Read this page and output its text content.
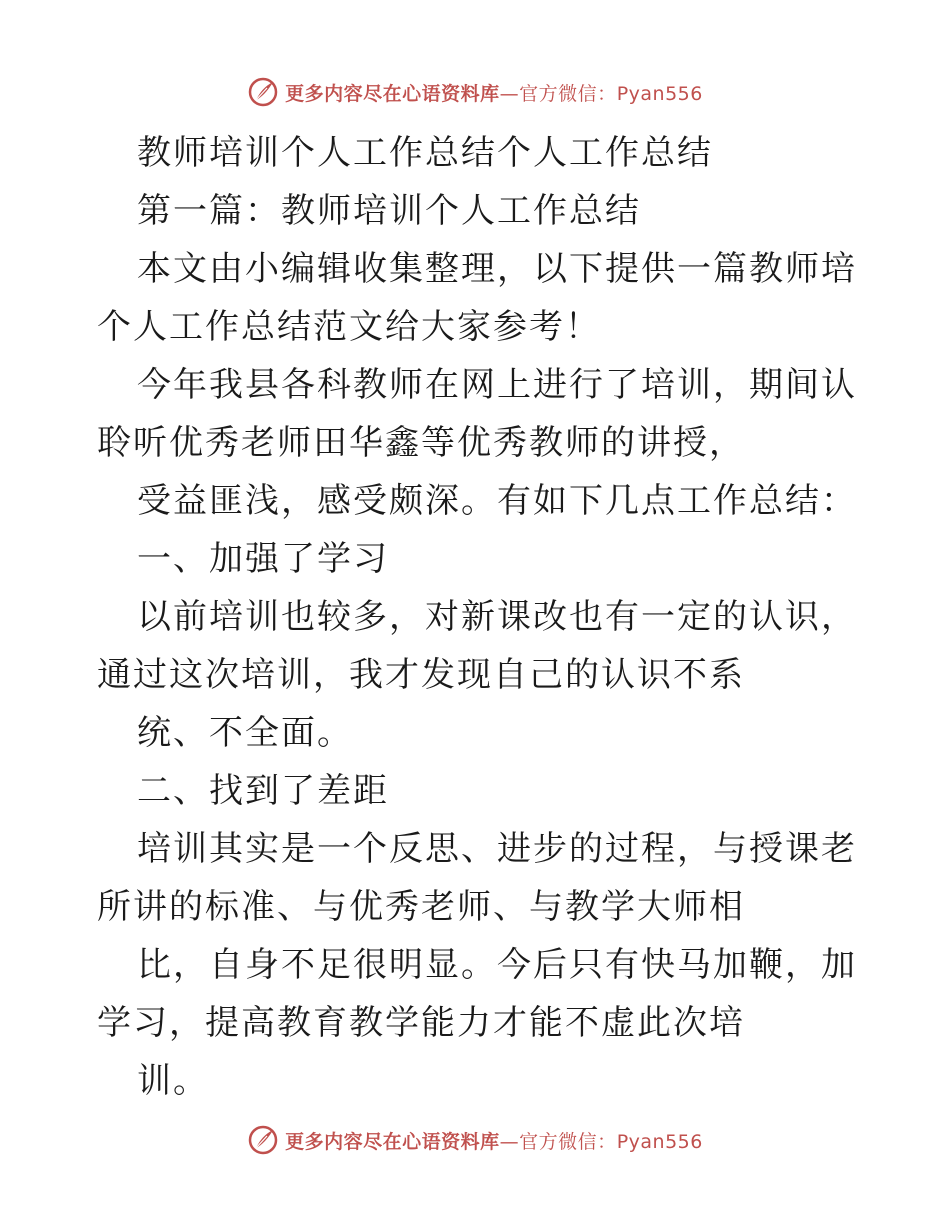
更多内容尽在心语资料库—官方微信：Pyan556
教师培训个人工作总结个人工作总结
第一篇：教师培训个人工作总结
本文由小编辑收集整理，以下提供一篇教师培
个人工作总结范文给大家参考！
今年我县各科教师在网上进行了培训，期间认
聆听优秀老师田华鑫等优秀教师的讲授，
受益匪浅，感受颇深。有如下几点工作总结：
一、加强了学习
以前培训也较多，对新课改也有一定的认识，
通过这次培训，我才发现自己的认识不系
统、不全面。
二、找到了差距
培训其实是一个反思、进步的过程，与授课老
所讲的标准、与优秀老师、与教学大师相
比，自身不足很明显。今后只有快马加鞭，加
学习，提高教育教学能力才能不虚此次培
训。
更多内容尽在心语资料库—官方微信：Pyan556
